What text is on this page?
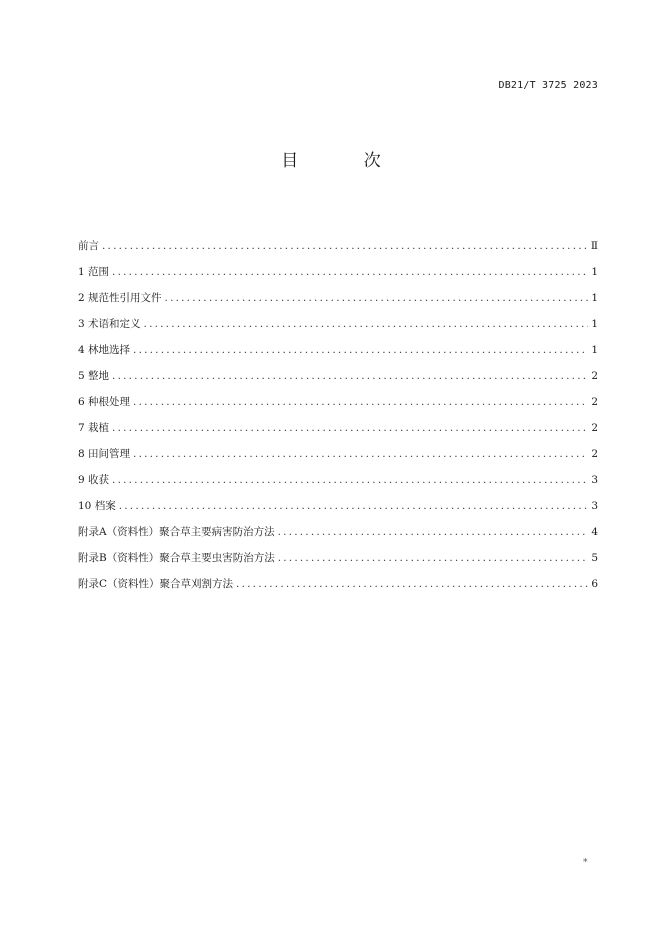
DB21/T 3725 2023
目 次
前言 .....	Ⅱ
1 范围 .....	1
2 规范性引用文件 .....	1
3 术语和定义 .....	1
4 林地选择 .....	1
5 整地 .....	2
6 种根处理 .....	2
7 栽植 .....	2
8 田间管理 .....	2
9 收获 .....	3
10 档案 .....	3
附录A（资料性）聚合草主要病害防治方法 .....	4
附录B（资料性）聚合草主要虫害防治方法 .....	5
附录C（资料性）聚合草刈割方法 .....	6
*
